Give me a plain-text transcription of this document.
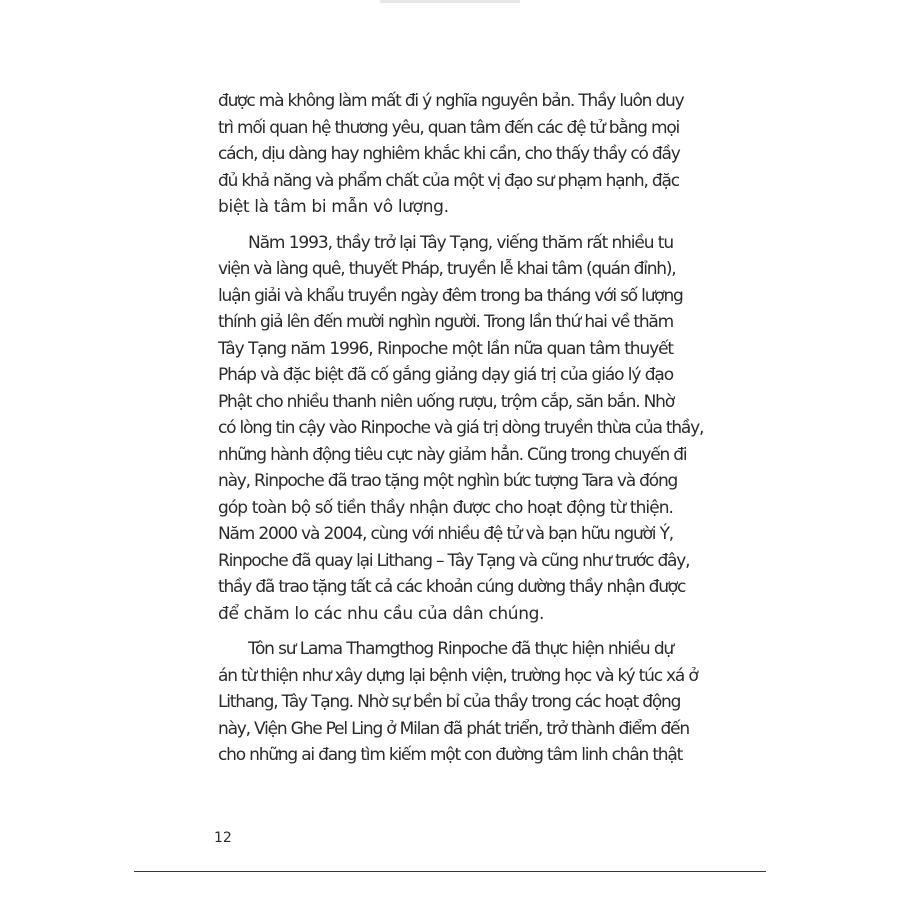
được mà không làm mất đi ý nghĩa nguyên bản. Thầy luôn duy
trì mối quan hệ thương yêu, quan tâm đến các đệ tử bằng mọi
cách, dịu dàng hay nghiêm khắc khi cần, cho thấy thầy có đầy
đủ khả năng và phẩm chất của một vị đạo sư phạm hạnh, đặc
biệt là tâm bi mẫn vô lượng.

Năm 1993, thầy trở lại Tây Tạng, viếng thăm rất nhiều tu
viện và làng quê, thuyết Pháp, truyền lễ khai tâm (quán đỉnh),
luận giải và khẩu truyền ngày đêm trong ba tháng với số lượng
thính giả lên đến mười nghìn người. Trong lần thứ hai về thăm
Tây Tạng năm 1996, Rinpoche một lần nữa quan tâm thuyết
Pháp và đặc biệt đã cố gắng giảng dạy giá trị của giáo lý đạo
Phật cho nhiều thanh niên uống rượu, trộm cắp, săn bắn. Nhờ
có lòng tin cậy vào Rinpoche và giá trị dòng truyền thừa của thầy,
những hành động tiêu cực này giảm hẳn. Cũng trong chuyến đi
này, Rinpoche đã trao tặng một nghìn bức tượng Tara và đóng
góp toàn bộ số tiền thầy nhận được cho hoạt động từ thiện.
Năm 2000 và 2004, cùng với nhiều đệ tử và bạn hữu người Ý,
Rinpoche đã quay lại Lithang – Tây Tạng và cũng như trước đây,
thầy đã trao tặng tất cả các khoản cúng dường thầy nhận được
để chăm lo các nhu cầu của dân chúng.

Tôn sư Lama Thamgthog Rinpoche đã thực hiện nhiều dự
án từ thiện như xây dựng lại bệnh viện, trường học và ký túc xá ở
Lithang, Tây Tạng. Nhờ sự bền bỉ của thầy trong các hoạt động
này, Viện Ghe Pel Ling ở Milan đã phát triển, trở thành điểm đến
cho những ai đang tìm kiếm một con đường tâm linh chân thật

12
